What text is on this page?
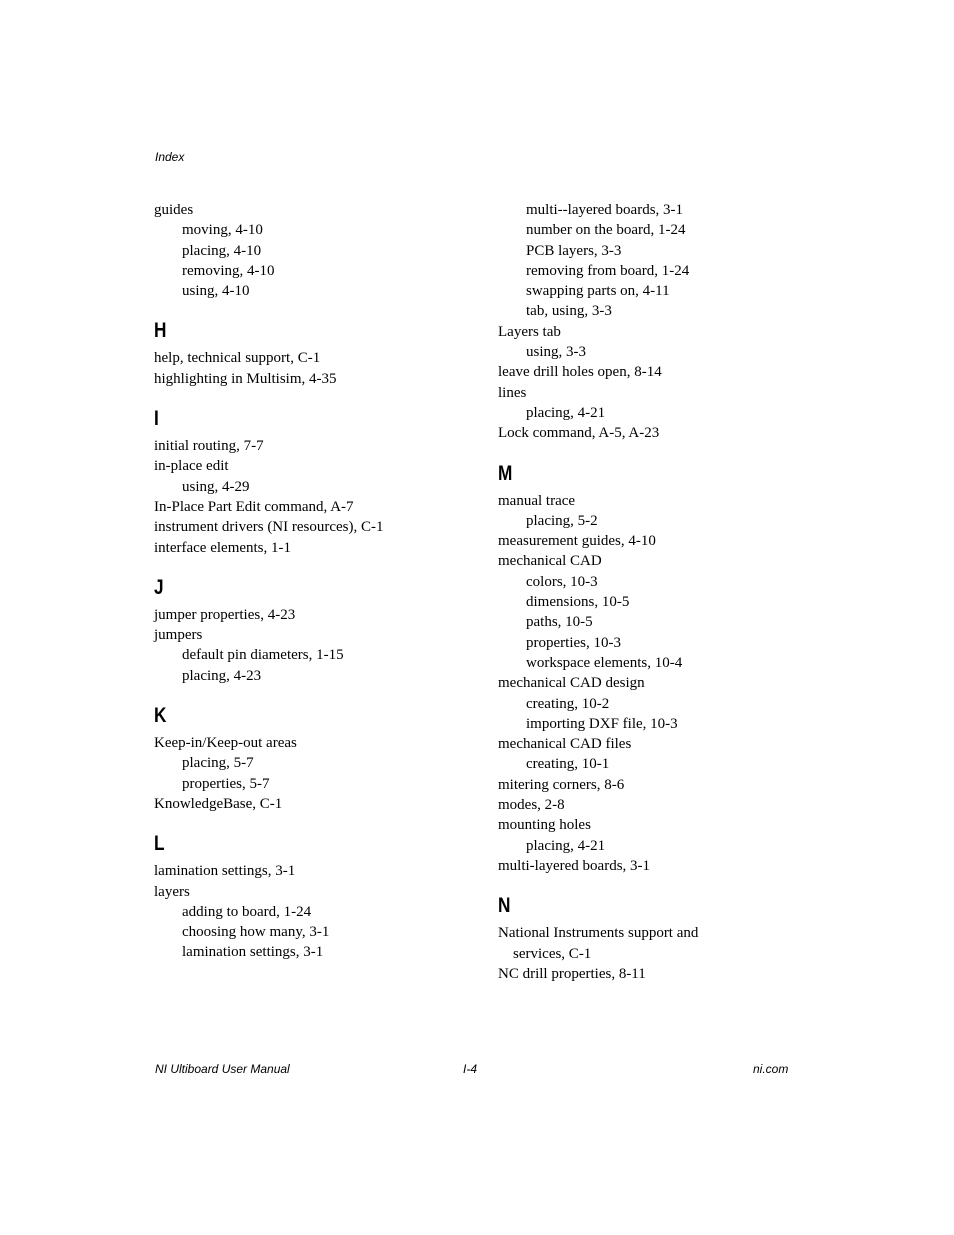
Index
guides
moving, 4-10
placing, 4-10
removing, 4-10
using, 4-10
H
help, technical support, C-1
highlighting in Multisim, 4-35
I
initial routing, 7-7
in-place edit
using, 4-29
In-Place Part Edit command, A-7
instrument drivers (NI resources), C-1
interface elements, 1-1
J
jumper properties, 4-23
jumpers
default pin diameters, 1-15
placing, 4-23
K
Keep-in/Keep-out areas
placing, 5-7
properties, 5-7
KnowledgeBase, C-1
L
lamination settings, 3-1
layers
adding to board, 1-24
choosing how many, 3-1
lamination settings, 3-1
multi--layered boards, 3-1
number on the board, 1-24
PCB layers, 3-3
removing from board, 1-24
swapping parts on, 4-11
tab, using, 3-3
Layers tab
using, 3-3
leave drill holes open, 8-14
lines
placing, 4-21
Lock command, A-5, A-23
M
manual trace
placing, 5-2
measurement guides, 4-10
mechanical CAD
colors, 10-3
dimensions, 10-5
paths, 10-5
properties, 10-3
workspace elements, 10-4
mechanical CAD design
creating, 10-2
importing DXF file, 10-3
mechanical CAD files
creating, 10-1
mitering corners, 8-6
modes, 2-8
mounting holes
placing, 4-21
multi-layered boards, 3-1
N
National Instruments support and
services, C-1
NC drill properties, 8-11
NI Ultiboard User Manual	I-4	ni.com
